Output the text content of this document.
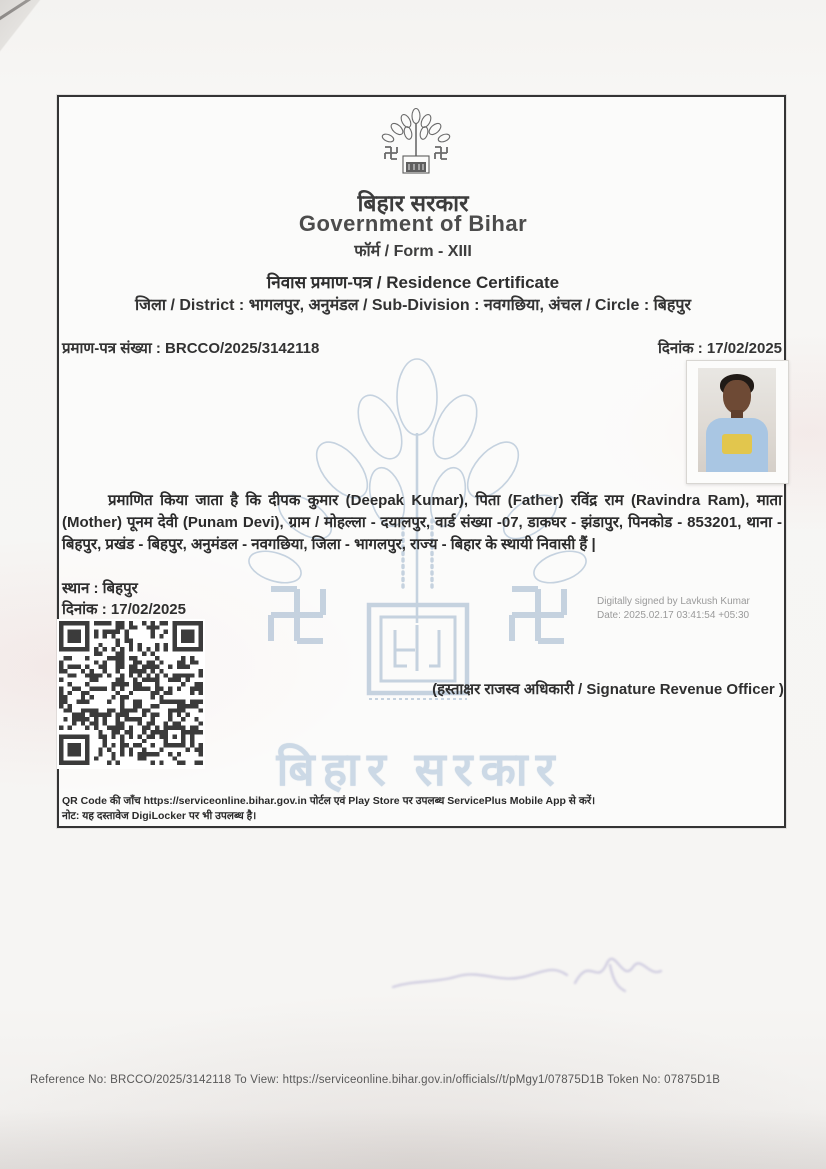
बिहार सरकार
बिहार सरकार
Government of Bihar
फॉर्म / Form - XIII
निवास प्रमाण-पत्र / Residence Certificate
जिला / District : भागलपुर, अनुमंडल / Sub-Division : नवगछिया, अंचल / Circle : बिहपुर
प्रमाण-पत्र संख्या : BRCCO/2025/3142118	दिनांक : 17/02/2025
प्रमाणित किया जाता है कि दीपक कुमार (Deepak Kumar), पिता (Father) रविंद्र राम (Ravindra Ram), माता (Mother) पूनम देवी (Punam Devi), ग्राम / मोहल्ला - दयालपुर, वार्ड संख्या -07, डाकघर - झंडापुर, पिनकोड - 853201, थाना - बिहपुर, प्रखंड - बिहपुर, अनुमंडल - नवगछिया, जिला - भागलपुर, राज्य - बिहार के स्थायी निवासी हैं |
स्थान : बिहपुर
दिनांक : 17/02/2025	Digitally signed by Lavkush Kumar
Date: 2025.02.17 03:41:54 +05:30
(हस्ताक्षर राजस्व अधिकारी / Signature Revenue Officer )
QR Code की जाँच https://serviceonline.bihar.gov.in पोर्टल एवं Play Store पर उपलब्ध ServicePlus Mobile App से करें।
नोट: यह दस्तावेज DigiLocker पर भी उपलब्ध है।
Reference No: BRCCO/2025/3142118 To View: https://serviceonline.bihar.gov.in/officials//t/pMgy1/07875D1B Token No: 07875D1B
